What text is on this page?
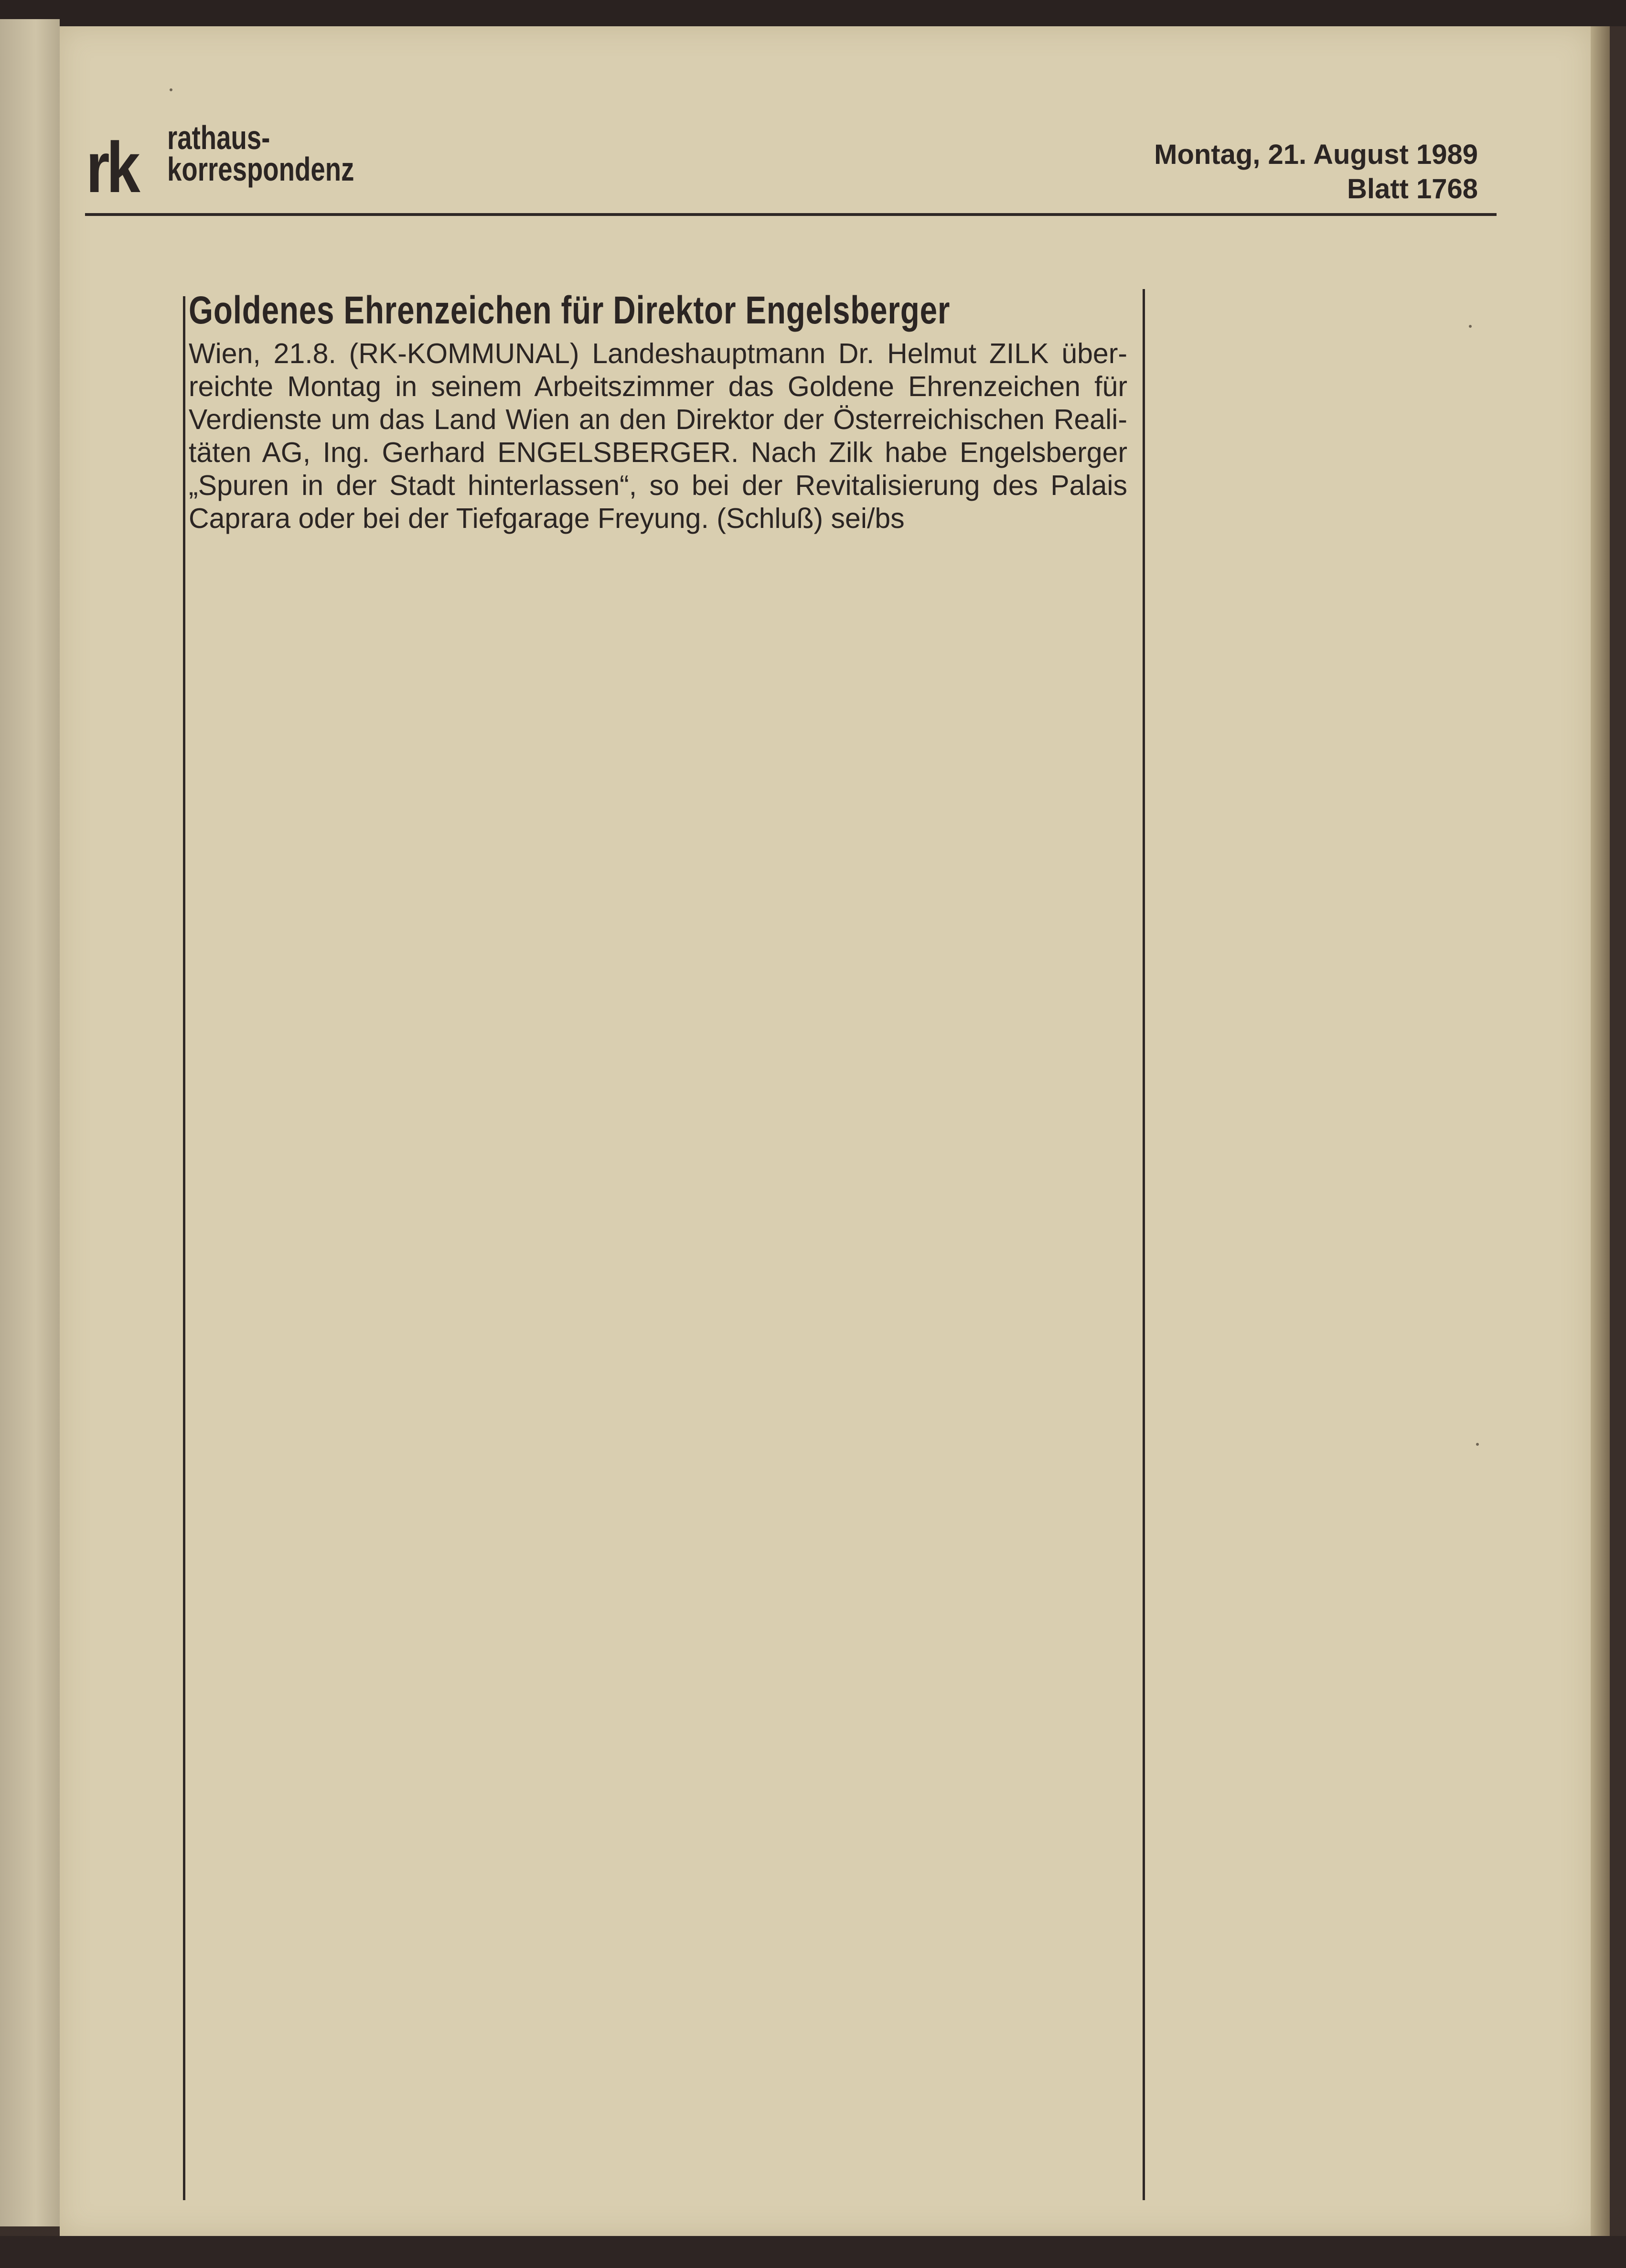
rk rathaus-
korrespondenz	Montag, 21. August 1989
Blatt 1768
Goldenes Ehrenzeichen für Direktor Engelsberger
Wien, 21.8. (RK-KOMMUNAL) Landeshauptmann Dr. Helmut ZILK über-
reichte Montag in seinem Arbeitszimmer das Goldene Ehrenzeichen für
Verdienste um das Land Wien an den Direktor der Österreichischen Reali-
täten AG, Ing. Gerhard ENGELSBERGER. Nach Zilk habe Engelsberger
„Spuren in der Stadt hinterlassen“, so bei der Revitalisierung des Palais
Caprara oder bei der Tiefgarage Freyung. (Schluß) sei/bs
